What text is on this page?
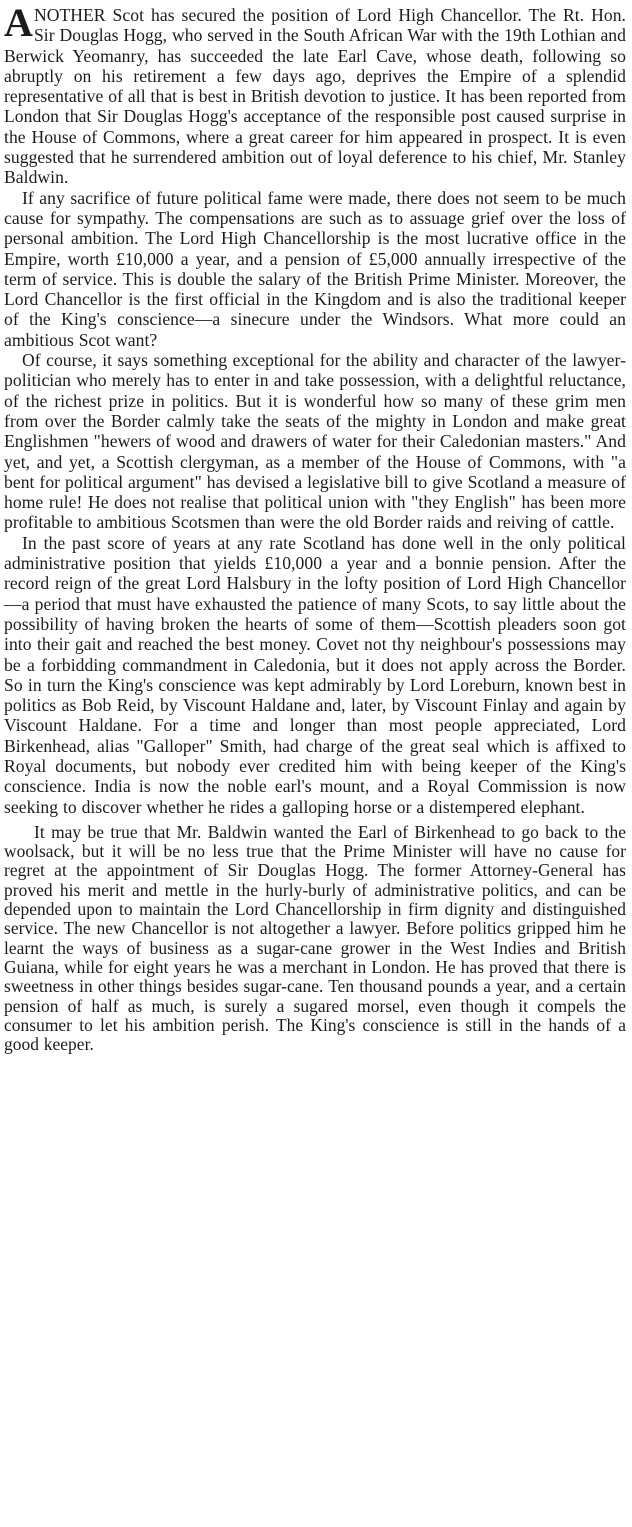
ANOTHER Scot has secured the position of Lord High Chancellor. The Rt. Hon. Sir Douglas Hogg, who served in the South African War with the 19th Lothian and Berwick Yeomanry, has succeeded the late Earl Cave, whose death, following so abruptly on his retirement a few days ago, deprives the Empire of a splendid representative of all that is best in British devotion to justice. It has been reported from London that Sir Douglas Hogg's acceptance of the responsible post caused surprise in the House of Commons, where a great career for him appeared in prospect. It is even suggested that he surrendered ambition out of loyal deference to his chief, Mr. Stanley Baldwin.

If any sacrifice of future political fame were made, there does not seem to be much cause for sympathy. The compensations are such as to assuage grief over the loss of personal ambition. The Lord High Chancellorship is the most lucrative office in the Empire, worth £10,000 a year, and a pension of £5,000 annually irrespective of the term of service. This is double the salary of the British Prime Minister. Moreover, the Lord Chancellor is the first official in the Kingdom and is also the traditional keeper of the King's conscience—a sinecure under the Windsors. What more could an ambitious Scot want?

Of course, it says something exceptional for the ability and character of the lawyer-politician who merely has to enter in and take possession, with a delightful reluctance, of the richest prize in politics. But it is wonderful how so many of these grim men from over the Border calmly take the seats of the mighty in London and make great Englishmen "hewers of wood and drawers of water for their Caledonian masters." And yet, and yet, a Scottish clergyman, as a member of the House of Commons, with "a bent for political argument" has devised a legislative bill to give Scotland a measure of home rule! He does not realise that political union with "they English" has been more profitable to ambitious Scotsmen than were the old Border raids and reiving of cattle.

In the past score of years at any rate Scotland has done well in the only political administrative position that yields £10,000 a year and a bonnie pension. After the record reign of the great Lord Halsbury in the lofty position of Lord High Chancellor—a period that must have exhausted the patience of many Scots, to say little about the possibility of having broken the hearts of some of them—Scottish pleaders soon got into their gait and reached the best money. Covet not thy neighbour's possessions may be a forbidding commandment in Caledonia, but it does not apply across the Border. So in turn the King's conscience was kept admirably by Lord Loreburn, known best in politics as Bob Reid, by Viscount Haldane and, later, by Viscount Finlay and again by Viscount Haldane. For a time and longer than most people appreciated, Lord Birkenhead, alias "Galloper" Smith, had charge of the great seal which is affixed to Royal documents, but nobody ever credited him with being keeper of the King's conscience. India is now the noble earl's mount, and a Royal Commission is now seeking to discover whether he rides a galloping horse or a distempered elephant.

It may be true that Mr. Baldwin wanted the Earl of Birkenhead to go back to the woolsack, but it will be no less true that the Prime Minister will have no cause for regret at the appointment of Sir Douglas Hogg. The former Attorney-General has proved his merit and mettle in the hurly-burly of administrative politics, and can be depended upon to maintain the Lord Chancellorship in firm dignity and distinguished service. The new Chancellor is not altogether a lawyer. Before politics gripped him he learnt the ways of business as a sugar-cane grower in the West Indies and British Guiana, while for eight years he was a merchant in London. He has proved that there is sweetness in other things besides sugar-cane. Ten thousand pounds a year, and a certain pension of half as much, is surely a sugared morsel, even though it compels the consumer to let his ambition perish. The King's conscience is still in the hands of a good keeper.
